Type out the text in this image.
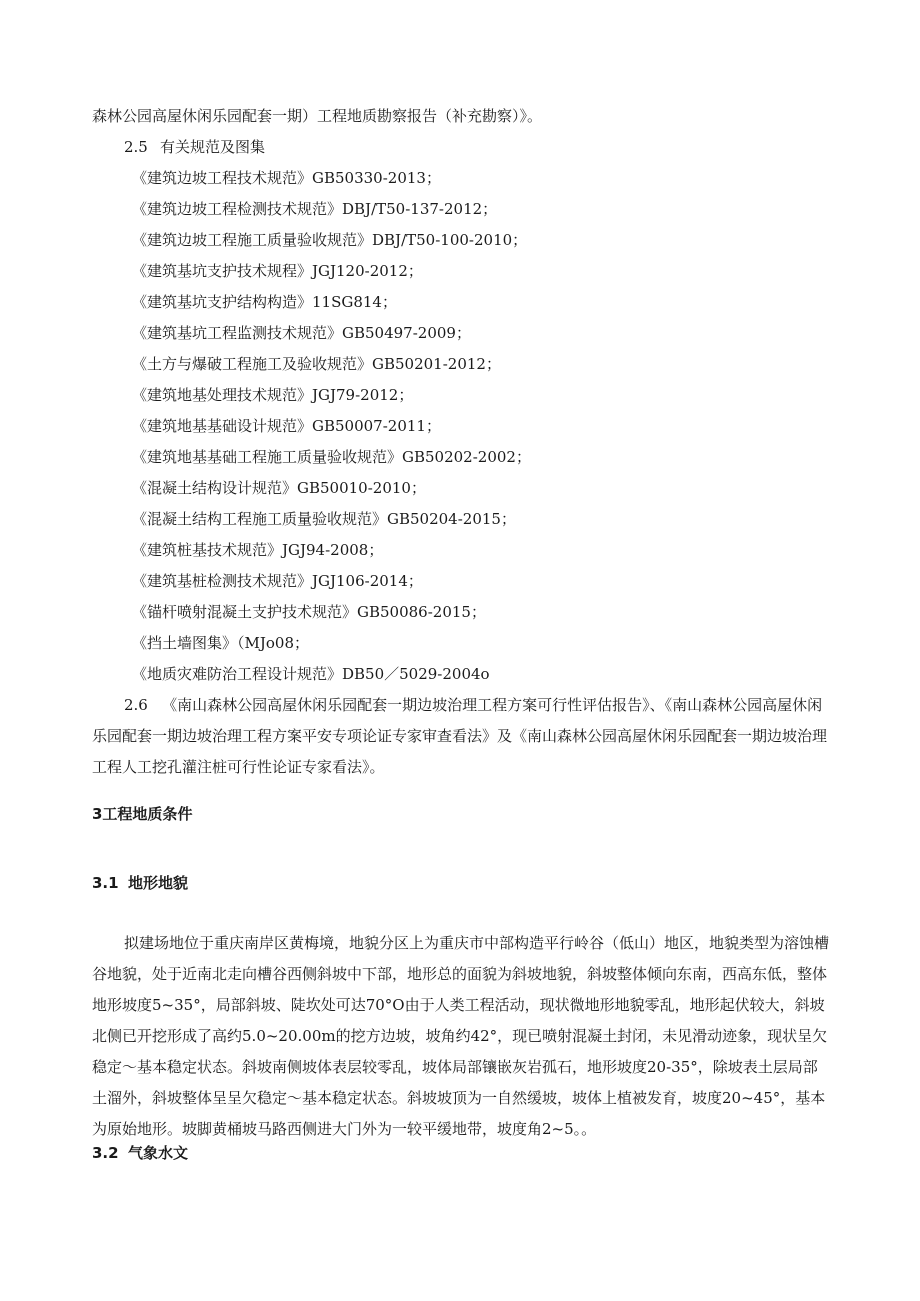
森林公园高屋休闲乐园配套一期）工程地质勘察报告（补充勘察）》。
2.5 有关规范及图集
《建筑边坡工程技术规范》GB50330-2013；
《建筑边坡工程检测技术规范》DBJ/T50-137-2012；
《建筑边坡工程施工质量验收规范》DBJ/T50-100-2010；
《建筑基坑支护技术规程》JGJ120-2012；
《建筑基坑支护结构构造》11SG814；
《建筑基坑工程监测技术规范》GB50497-2009；
《土方与爆破工程施工及验收规范》GB50201-2012；
《建筑地基处理技术规范》JGJ79-2012；
《建筑地基基础设计规范》GB50007-2011；
《建筑地基基础工程施工质量验收规范》GB50202-2002；
《混凝土结构设计规范》GB50010-2010；
《混凝土结构工程施工质量验收规范》GB50204-2015；
《建筑桩基技术规范》JGJ94-2008；
《建筑基桩检测技术规范》JGJ106-2014；
《锚杆喷射混凝土支护技术规范》GB50086-2015；
《挡土墙图集》（MJo08；
《地质灾难防治工程设计规范》DB50／5029-2004o
2.6 《南山森林公园高屋休闲乐园配套一期边坡治理工程方案可行性评估报告》、《南山森林公园高屋休闲乐园配套一期边坡治理工程方案平安专项论证专家审查看法》及《南山森林公园高屋休闲乐园配套一期边坡治理工程人工挖孔灌注桩可行性论证专家看法》。
3工程地质条件
3.1 地形地貌
拟建场地位于重庆南岸区黄梅境，地貌分区上为重庆市中部构造平行岭谷（低山）地区，地貌类型为溶蚀槽谷地貌，处于近南北走向槽谷西侧斜坡中下部，地形总的面貌为斜坡地貌，斜坡整体倾向东南，西高东低，整体地形坡度5~35°，局部斜坡、陡坎处可达70°O由于人类工程活动，现状微地形地貌零乱，地形起伏较大，斜坡北侧已开挖形成了高约5.0~20.00m的挖方边坡，坡角约42°，现已喷射混凝土封闭，未见滑动迹象，现状呈欠稳定～基本稳定状态。斜坡南侧坡体表层较零乱，坡体局部镶嵌灰岩孤石，地形坡度20-35°，除坡表土层局部土溜外，斜坡整体呈呈欠稳定～基本稳定状态。斜坡坡顶为一自然缓坡，坡体上植被发育，坡度20~45°，基本为原始地形。坡脚黄桶坡马路西侧进大门外为一较平缓地带，坡度角2~5。。
3.2 气象水文
